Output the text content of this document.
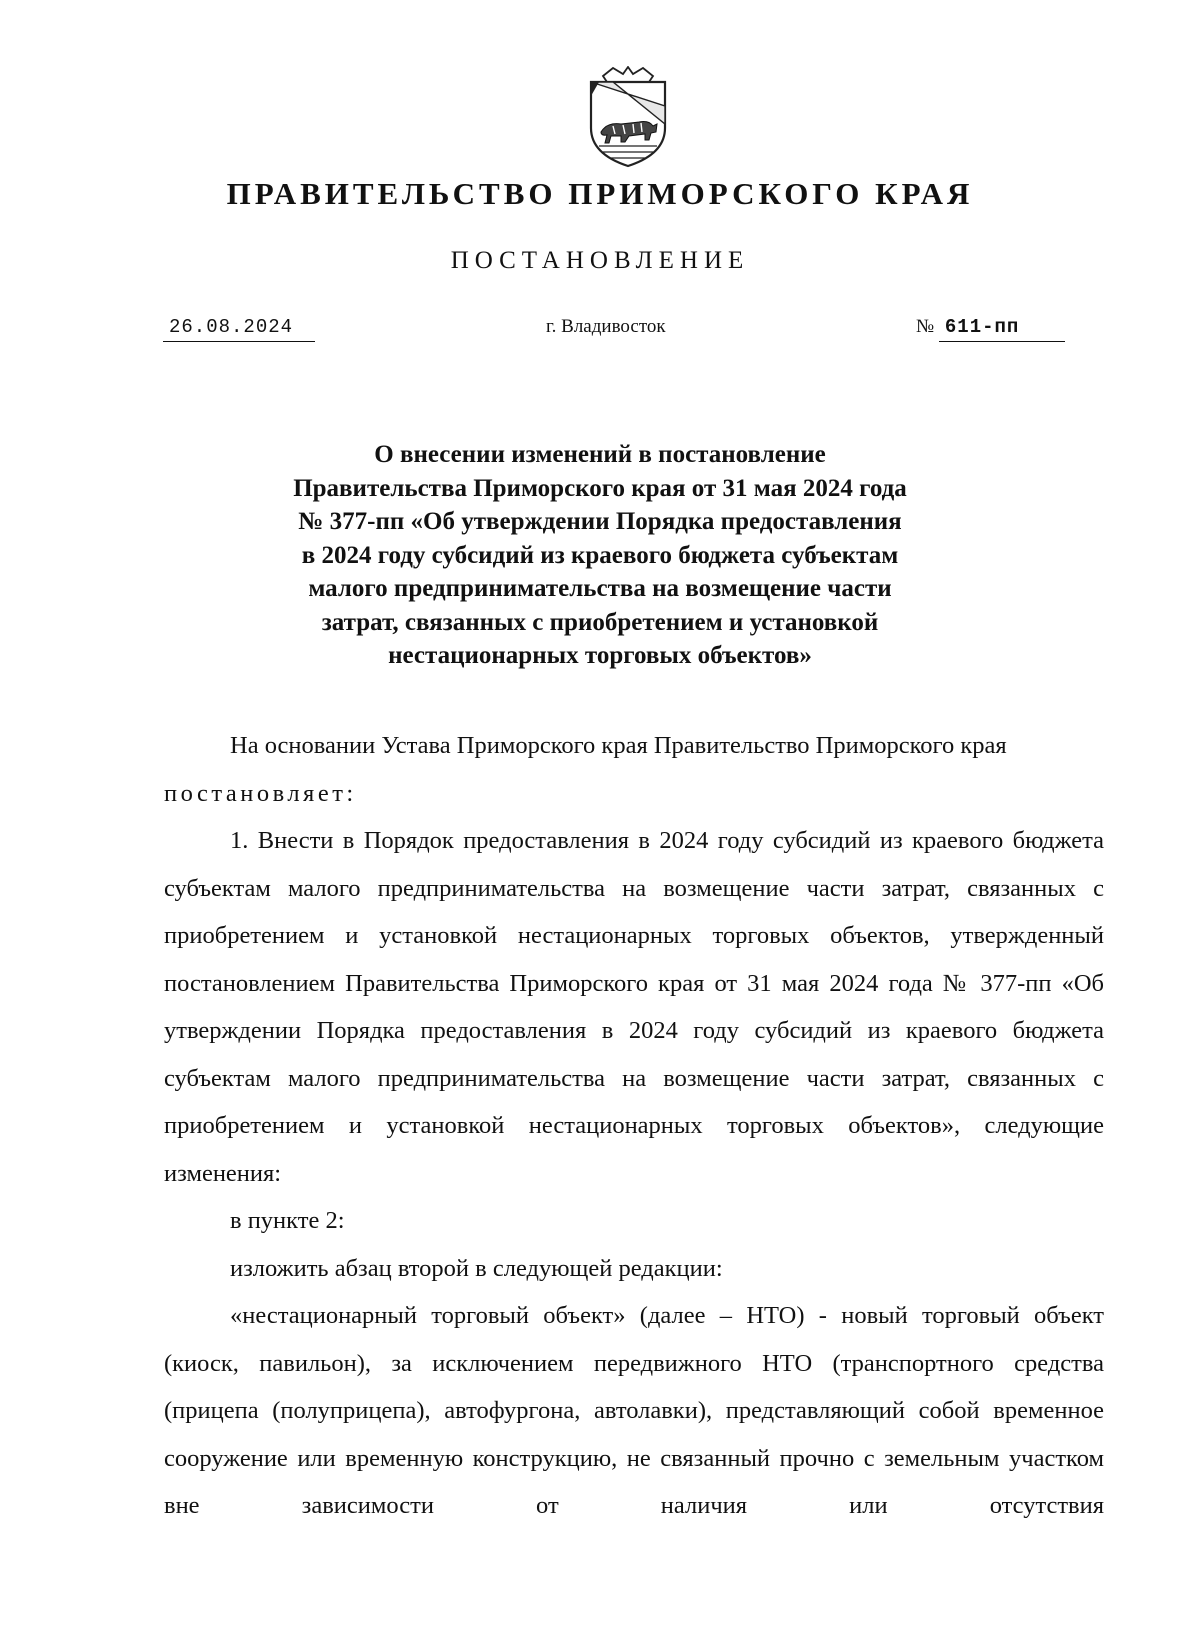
ПРАВИТЕЛЬСТВО ПРИМОРСКОГО КРАЯ
ПОСТАНОВЛЕНИЕ
26.08.2024	г. Владивосток	№ 611-пп
О внесении изменений в постановление
Правительства Приморского края от 31 мая 2024 года
№ 377-пп «Об утверждении Порядка предоставления
в 2024 году субсидий из краевого бюджета субъектам
малого предпринимательства на возмещение части
затрат, связанных с приобретением и установкой
нестационарных торговых объектов»

На основании Устава Приморского края Правительство Приморского края

постановляет:

1. Внести в Порядок предоставления в 2024 году субсидий из краевого бюджета субъектам малого предпринимательства на возмещение части затрат, связанных с приобретением и установкой нестационарных торговых объектов, утвержденный постановлением Правительства Приморского края от 31 мая 2024 года № 377-пп «Об утверждении Порядка предоставления в 2024 году субсидий из краевого бюджета субъектам малого предпринимательства на возмещение части затрат, связанных с приобретением и установкой нестационарных торговых объектов», следующие изменения:

в пункте 2:

изложить абзац второй в следующей редакции:

«нестационарный торговый объект» (далее – НТО) - новый торговый объект (киоск, павильон), за исключением передвижного НТО (транспортного средства (прицепа (полуприцепа), автофургона, автолавки), представляющий собой временное сооружение или временную конструкцию, не связанный прочно с земельным участком вне зависимости от наличия или отсутствия
